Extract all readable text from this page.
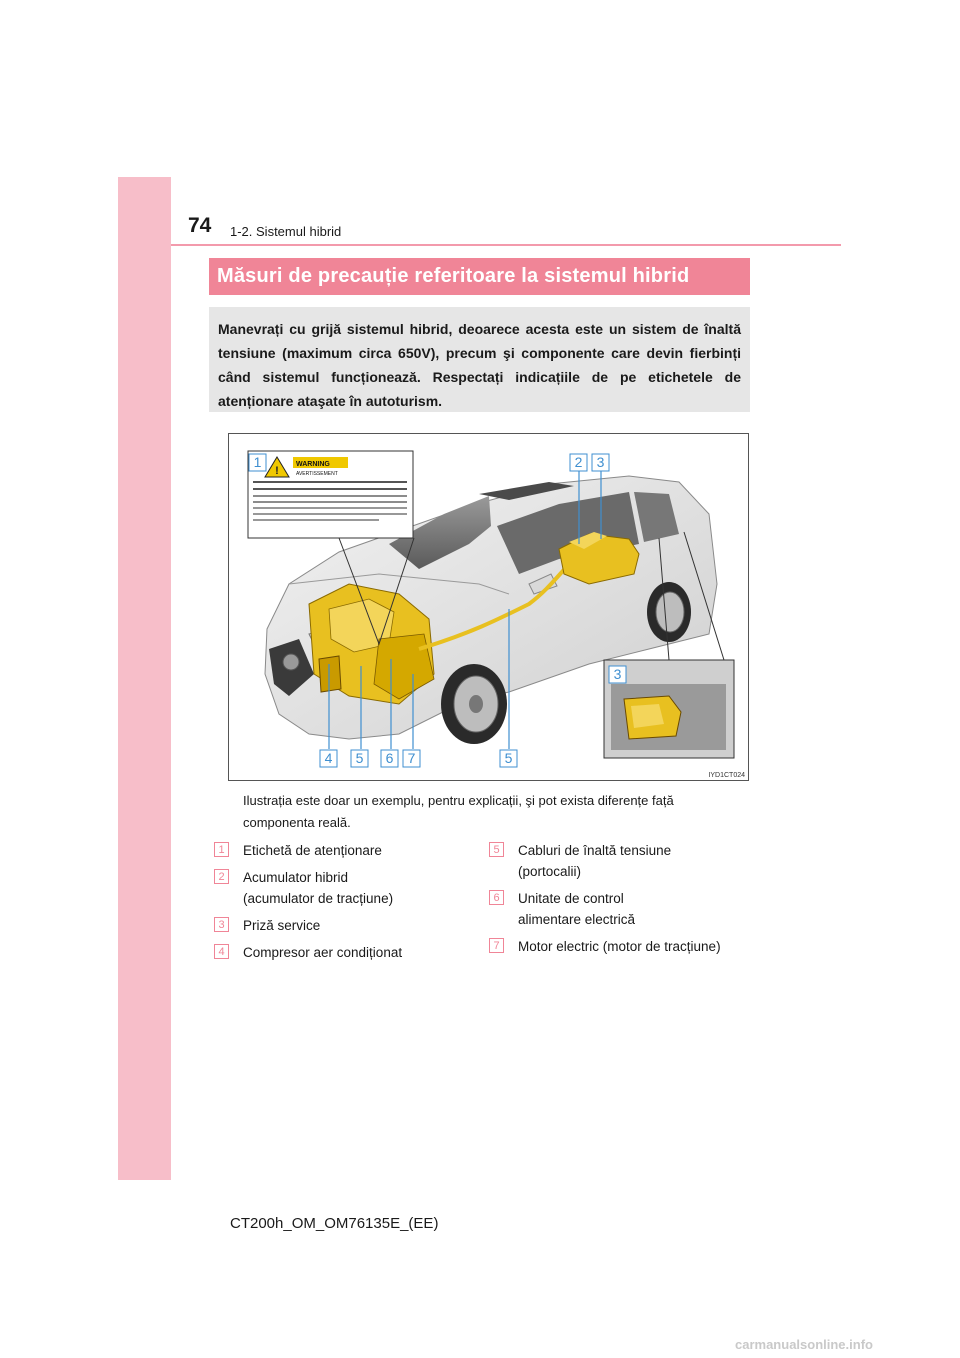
74 1-2. Sistemul hibrid
Măsuri de precauție referitoare la sistemul hibrid
Manevrați cu grijă sistemul hibrid, deoarece acesta este un sistem de înaltă tensiune (maximum circa 650V), precum şi componente care devin fierbinți când sistemul funcționează. Respectați indicațiile de pe etichetele de atenționare ataşate în autoturism.
!
WARNING
AVERTISSEMENT
1	2 3
3
4 5 6 7	5
IYD1CT024
Ilustrația este doar un exemplu, pentru explicații, şi pot exista diferențe față componenta reală.
1	Etichetă de atenționare
2	Acumulator hibrid
(acumulator de tracțiune)
3	Priză service
4	Compresor aer condiționat
5	Cabluri de înaltă tensiune
(portocalii)
6	Unitate de control
alimentare electrică
7	Motor electric (motor de tracțiune)
CT200h_OM_OM76135E_(EE)
carmanualsonline.info
